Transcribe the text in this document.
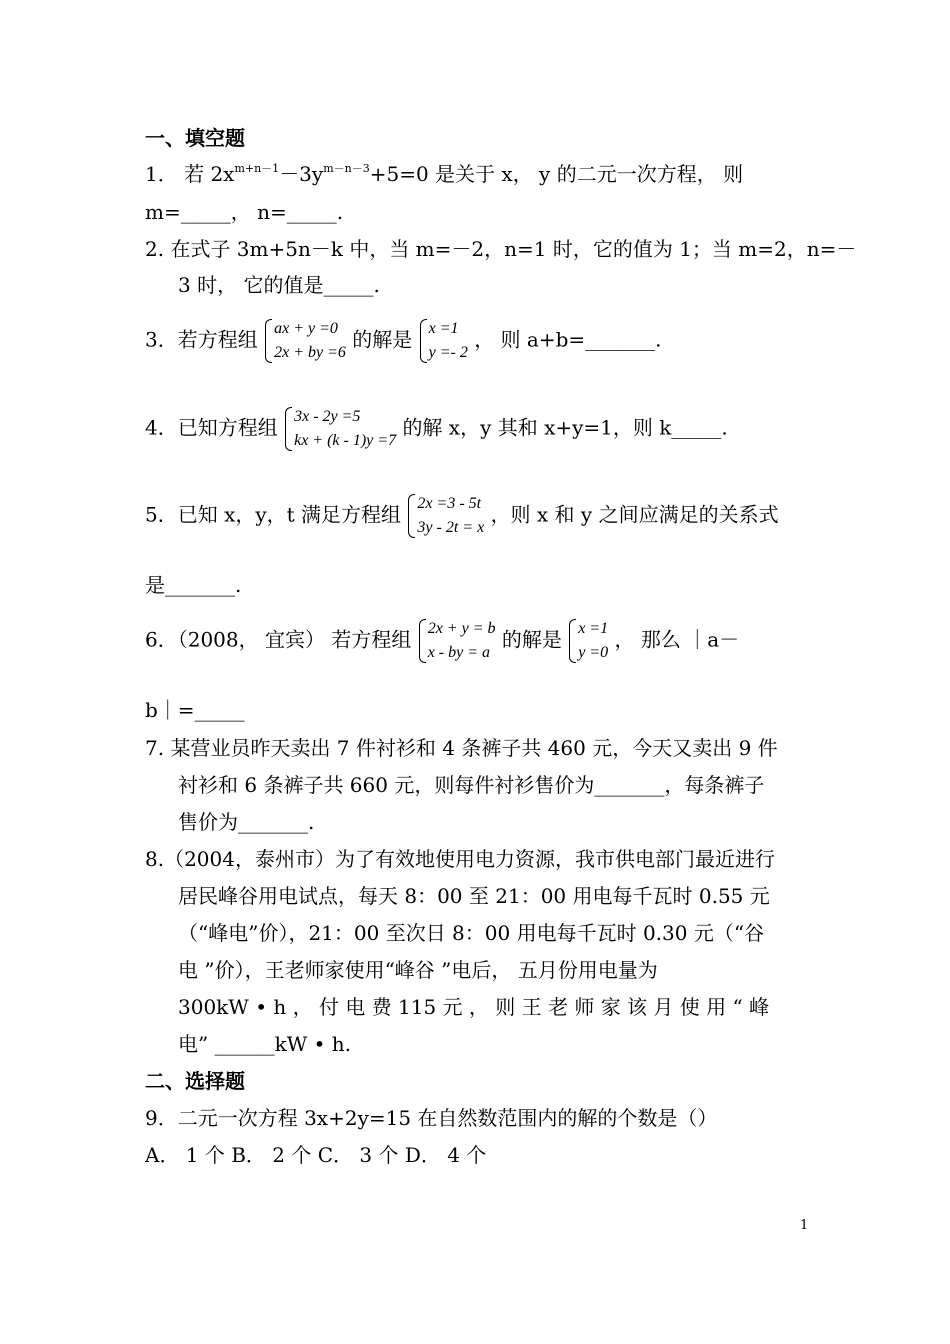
一、填空题
1． 若 $2x^{m+n-1}-3y^{m-n-3}+5=0$ 是关于 x， y 的二元一次方程， 则
m=_____， n=_____.
2. 在式子 3m+5n－k 中，当 m=－2，n=1 时，它的值为 1；当 m=2，n=－
3 时， 它的值是_____.
3．若方程组 ax + y =0
2x + by =6
的解是 x =1
y =- 2
， 则 a+b=_______.
4．已知方程组 3x - 2y =5
kx + (k - 1)y =7
的解 x，y 其和 x+y=1，则 k_____.
5．已知 x，y，t 满足方程组 2x =3 - 5t
3y - 2t = x
，则 x 和 y 之间应满足的关系式
是_______.
6．（2008， 宜宾） 若方程组 2x + y = b
x - by = a
的解是 x =1
y =0
， 那么 ｜a－
b｜=_____
7. 某营业员昨天卖出 7 件衬衫和 4 条裤子共 460 元，今天又卖出 9 件
衬衫和 6 条裤子共 660 元，则每件衬衫售价为_______，每条裤子
售价为_______.
8.（2004，泰州市）为了有效地使用电力资源，我市供电部门最近进行
居民峰谷用电试点，每天 8：00 至 21：00 用电每千瓦时 0.55 元
（“峰电”价），21：00 至次日 8：00 用电每千瓦时 0.30 元（“谷
电 ”价），王老师家使用“峰谷 ”电后， 五月份用电量为
300kW • h ， 付 电 费 115 元 ， 则 王 老 师 家 该 月 使 用 “ 峰
电” ______kW • h.
二、选择题
9．二元一次方程 3x+2y=15 在自然数范围内的解的个数是（）
A． 1 个 B． 2 个 C． 3 个 D． 4 个
1
